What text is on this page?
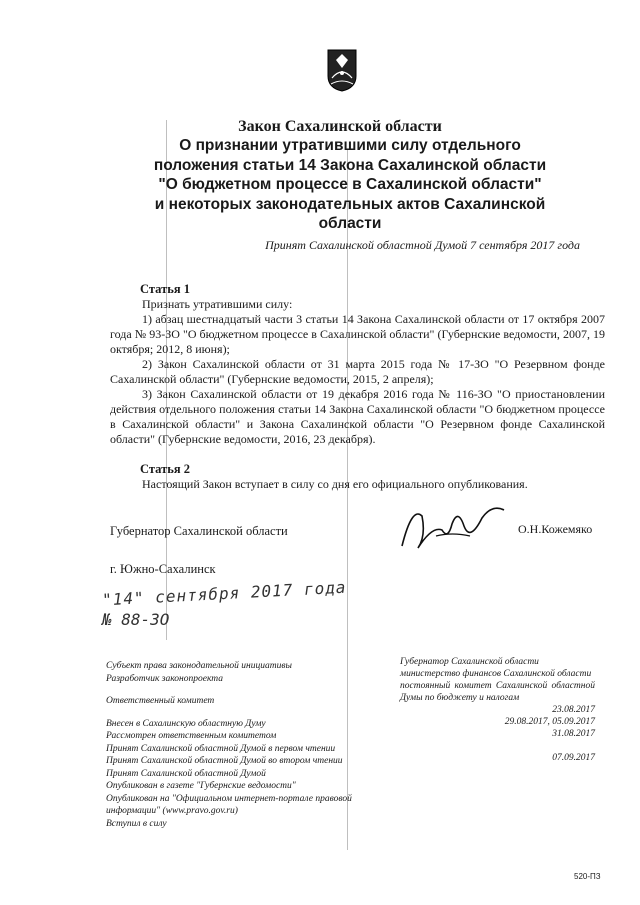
Закон Сахалинской области
О признании утратившими силу отдельного
положения статьи 14 Закона Сахалинской области
"О бюджетном процессе в Сахалинской области"
и некоторых законодательных актов Сахалинской
области
Принят Сахалинской областной Думой 7 сентября 2017 года
Статья 1

Признать утратившими силу:

1) абзац шестнадцатый части 3 статьи 14 Закона Сахалинской области от 17 октября 2007 года № 93-ЗО "О бюджетном процессе в Сахалинской области" (Губернские ведомости, 2007, 19 октября; 2012, 8 июня);

2) Закон Сахалинской области от 31 марта 2015 года № 17-ЗО "О Резервном фонде Сахалинской области" (Губернские ведомости, 2015, 2 апреля);

3) Закон Сахалинской области от 19 декабря 2016 года № 116-ЗО "О приостановлении действия отдельного положения статьи 14 Закона Сахалинской области "О бюджетном процессе в Сахалинской области" и Закона Сахалинской области "О Резервном фонде Сахалинской области" (Губернские ведомости, 2016, 23 декабря).

Статья 2

Настоящий Закон вступает в силу со дня его официального опубликования.

Губернатор Сахалинской области	О.Н.Кожемяко
г. Южно-Сахалинск
"14" сентября 2017 года
№ 88-ЗО
Субъект права законодательной инициативы
Разработчик законопроекта
Ответственный комитет
Внесен в Сахалинскую областную Думу
Рассмотрен ответственным комитетом
Принят Сахалинской областной Думой в первом чтении
Принят Сахалинской областной Думой во втором чтении
Принят Сахалинской областной Думой
Опубликован в газете "Губернские ведомости"
Опубликован на "Официальном интернет-портале правовой информации" (www.pravo.gov.ru)
Вступил в силу
Губернатор Сахалинской области
министерство финансов Сахалинской области
постоянный комитет Сахалинской областной Думы по бюджету и налогам
23.08.2017
29.08.2017, 05.09.2017
31.08.2017
07.09.2017
520-ПЗ
